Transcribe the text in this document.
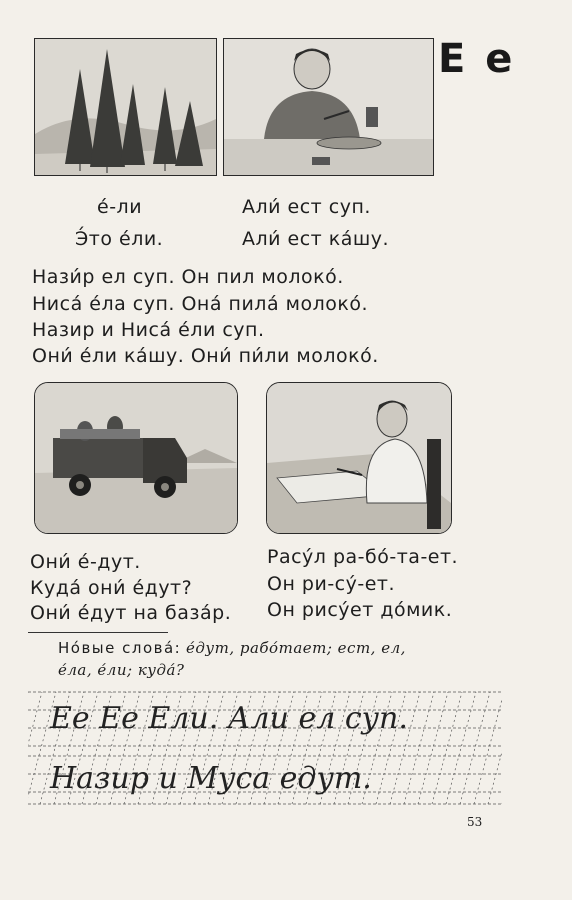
Е е
е́-ли
Э́то е́ли.
Али́ ест суп.
Али́ ест ка́шу.
Нази́р ел суп. Он пил молоко́.
Ниса́ е́ла суп. Она́ пила́ молоко́.
Назир и Ниса́ е́ли суп.
Они́ е́ли ка́шу. Они́ пи́ли молоко́.
Они́ е́-дут.
Куда́ они́ е́дут?
Они́ е́дут на база́р.
Расу́л ра-бо́-та-ет.
Он ри-су́-ет.
Он рису́ет до́мик.
Но́вые слова́: е́дут, рабо́тает; ест, ел,
е́ла, е́ли; куда́?
Ее Ее Ели. Али ел суп.
Назир и Муса едут.
53
